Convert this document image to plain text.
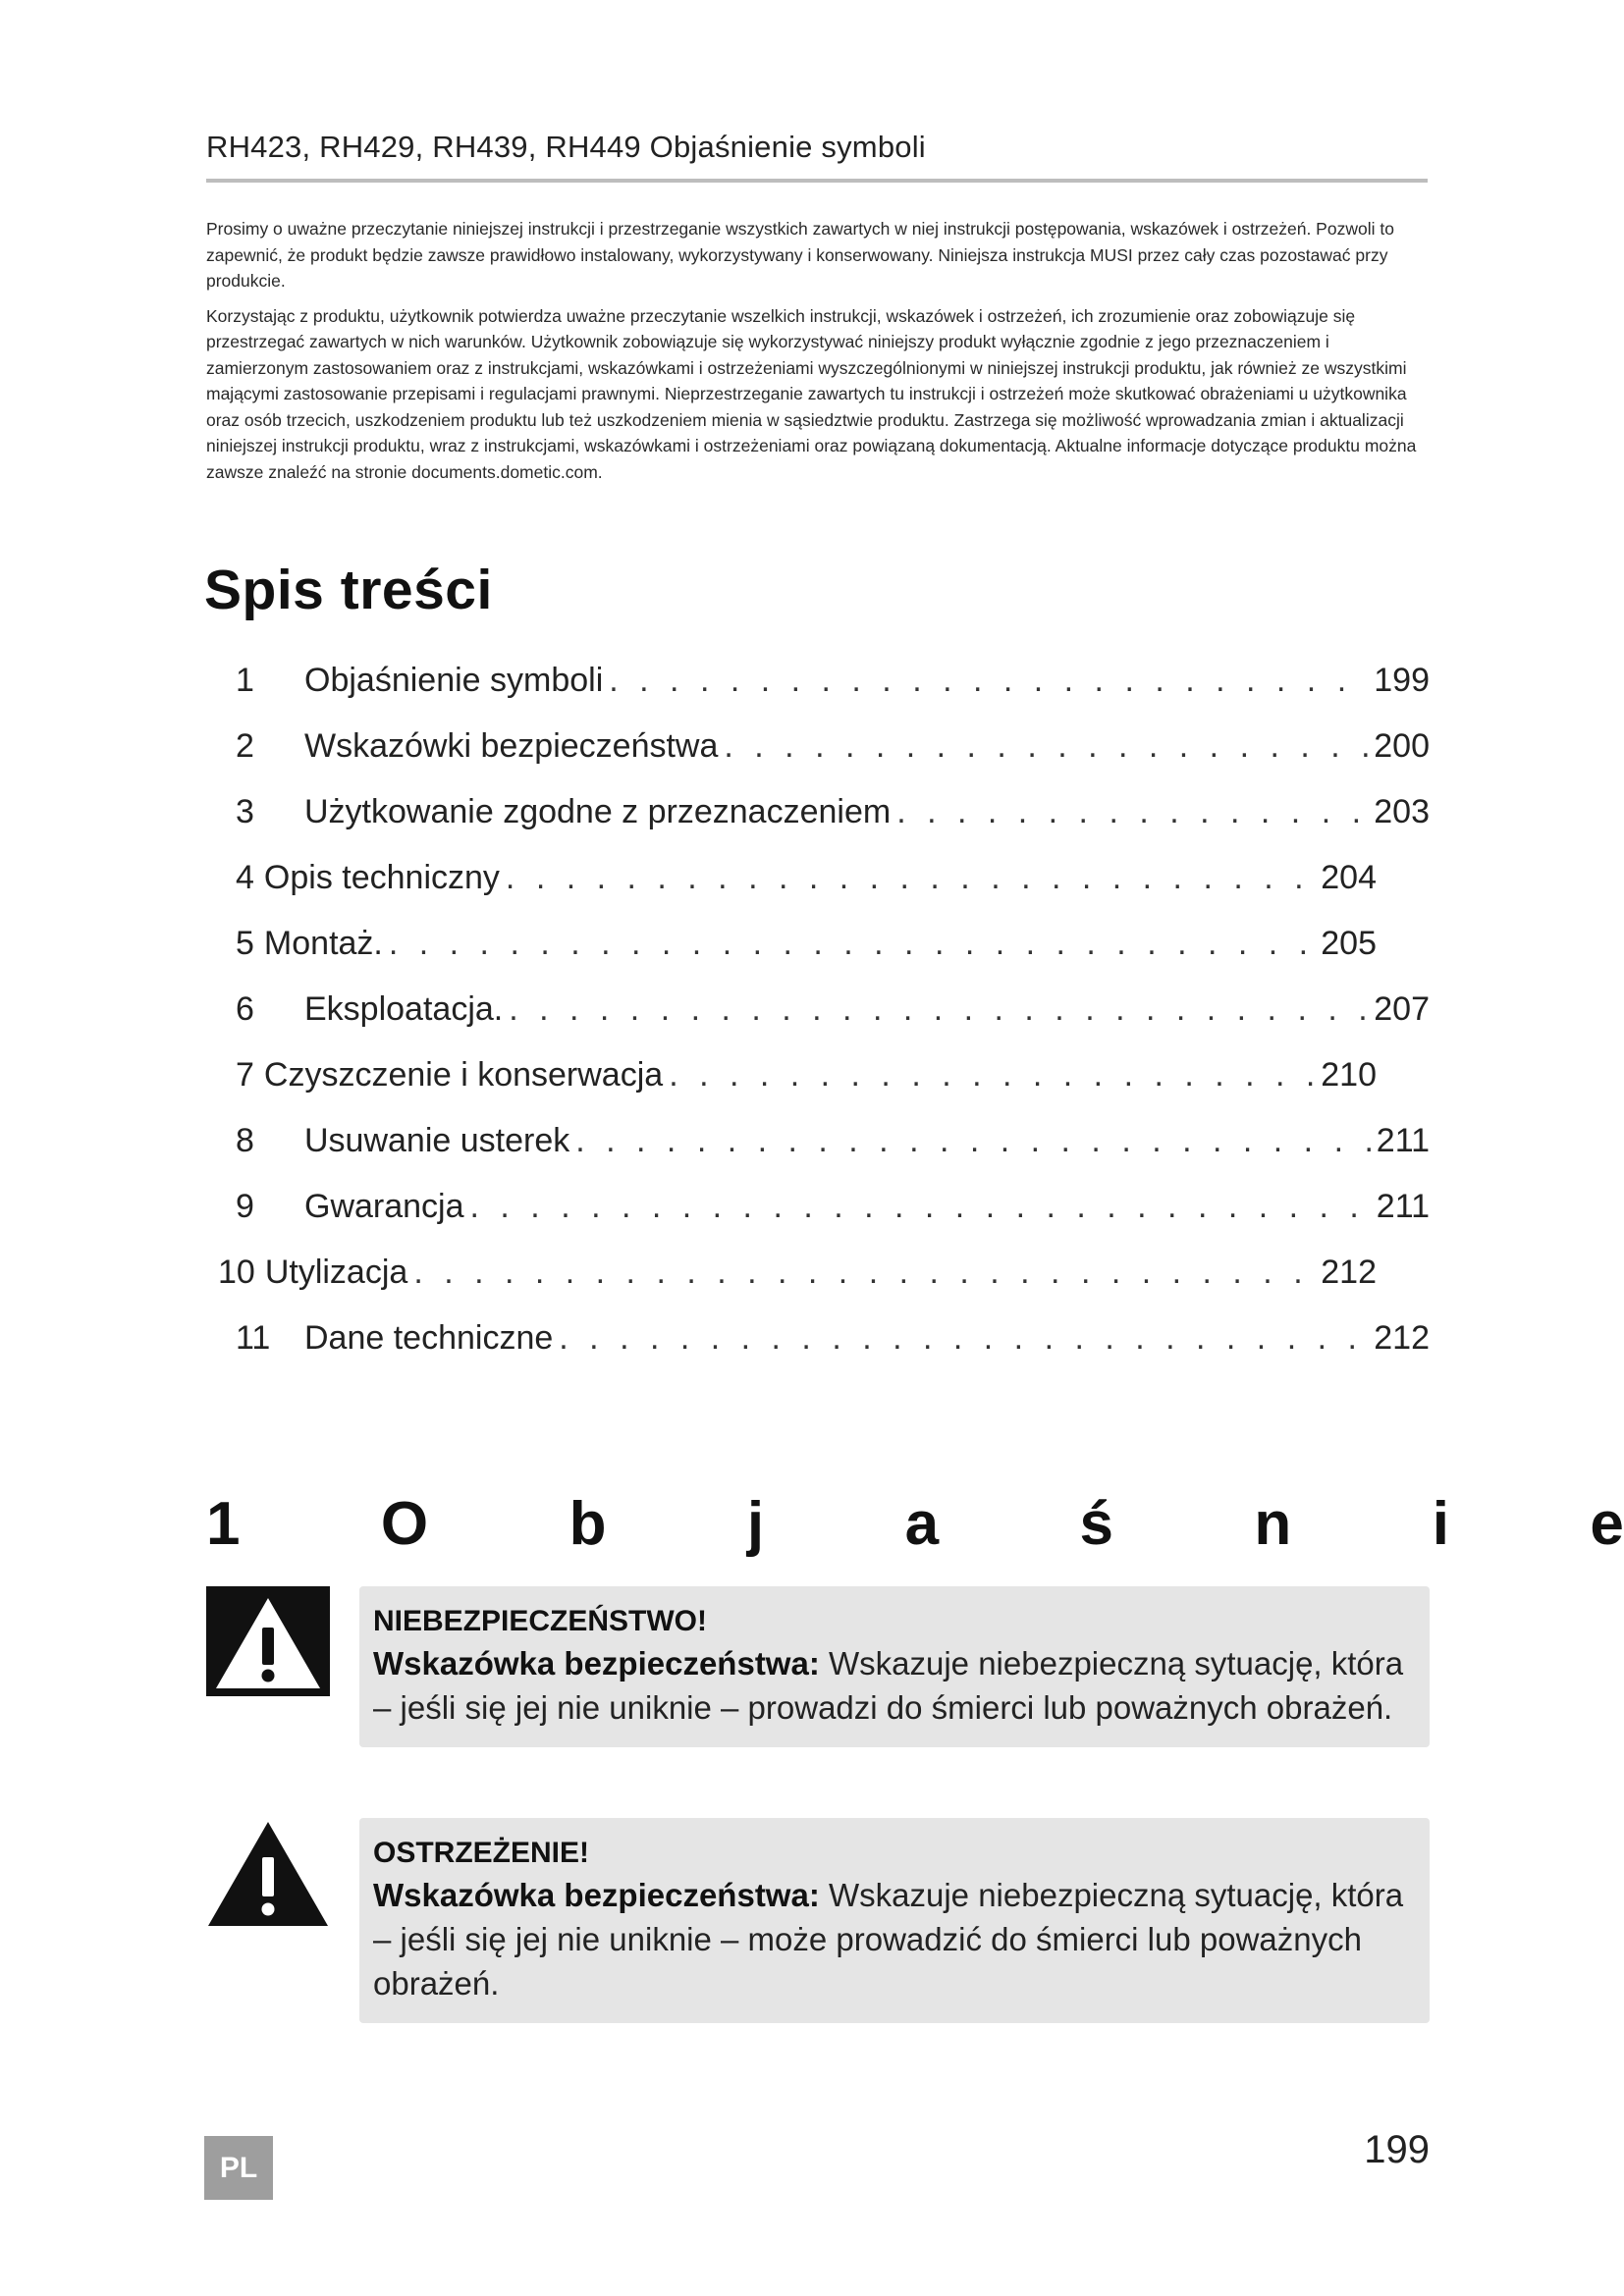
RH423, RH429, RH439, RH449 Objaśnienie symboli

Prosimy o uważne przeczytanie niniejszej instrukcji i przestrzeganie wszystkich zawartych w niej instrukcji postępowania, wskazówek i ostrzeżeń. Pozwoli to zapewnić, że produkt będzie zawsze prawidłowo instalowany, wykorzystywany i konserwowany. Niniejsza instrukcja MUSI przez cały czas pozostawać przy produkcie.

Korzystając z produktu, użytkownik potwierdza uważne przeczytanie wszelkich instrukcji, wskazówek i ostrzeżeń, ich zrozumienie oraz zobowiązuje się przestrzegać zawartych w nich warunków. Użytkownik zobowiązuje się wykorzystywać niniejszy produkt wyłącznie zgodnie z jego przeznaczeniem i zamierzonym zastosowaniem oraz z instrukcjami, wskazówkami i ostrzeżeniami wyszczególnionymi w niniejszej instrukcji produktu, jak również ze wszystkimi mającymi zastosowanie przepisami i regulacjami prawnymi. Nieprzestrzeganie zawartych tu instrukcji i ostrzeżeń może skutkować obrażeniami u użytkownika oraz osób trzecich, uszkodzeniem produktu lub też uszkodzeniem mienia w sąsiedztwie produktu. Zastrzega się możliwość wprowadzania zmian i aktualizacji niniejszej instrukcji produktu, wraz z instrukcjami, wskazówkami i ostrzeżeniami oraz powiązaną dokumentacją. Aktualne informacje dotyczące produktu można zawsze znaleźć na stronie documents.dometic.com.

Spis treści
1	Objaśnienie symboli . . .	199
2	Wskazówki bezpieczeństwa . . .	200
3	Użytkowanie zgodne z przeznaczeniem . . .	203
4 Opis techniczny . . .	204
5 Montaż. . . .	205
6	Eksploatacja. . . .	207
7 Czyszczenie i konserwacja . . .	210
8	Usuwanie usterek . . .	211
9	Gwarancja . . .	211
10 Utylizacja . . .	212
11	Dane techniczne . . .	212
1 O b j a ś n i e

NIEBEZPIECZEŃSTWO!

Wskazówka bezpieczeństwa: Wskazuje niebezpieczną sytuację, która – jeśli się jej nie uniknie – prowadzi do śmierci lub poważnych obrażeń.

OSTRZEŻENIE!

Wskazówka bezpieczeństwa: Wskazuje niebezpieczną sytuację, która – jeśli się jej nie uniknie – może prowadzić do śmierci lub poważnych obrażeń.

PL	199
